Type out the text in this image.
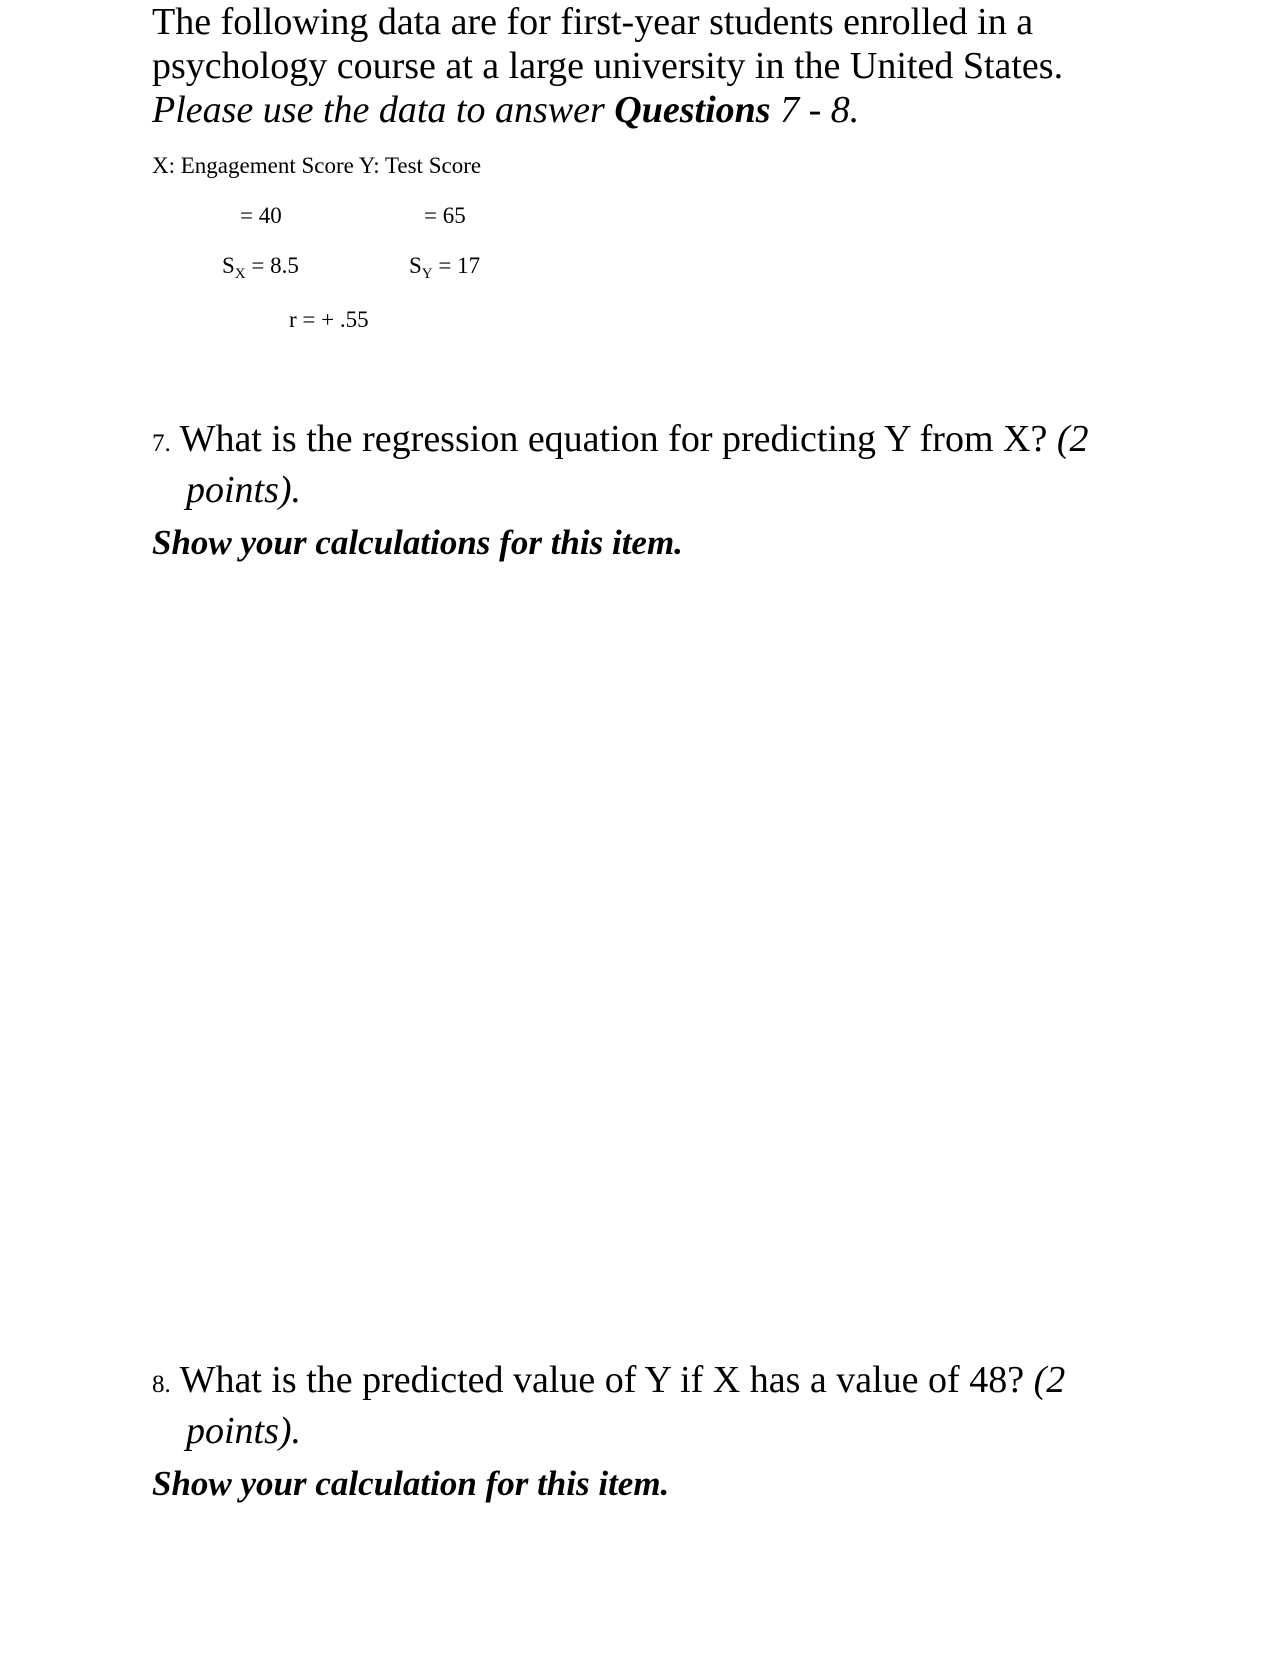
The following data are for first-year students enrolled in a
psychology course at a large university in the United States.
Please use the data to answer Questions 7 - 8.
X: Engagement Score Y: Test Score
= 40	= 65
$S_X = 8.5$	$S_Y = 17$
r = + .55
7. What is the regression equation for predicting Y from X? (2
points).
Show your calculations for this item.
8. What is the predicted value of Y if X has a value of 48? (2
points).
Show your calculation for this item.
